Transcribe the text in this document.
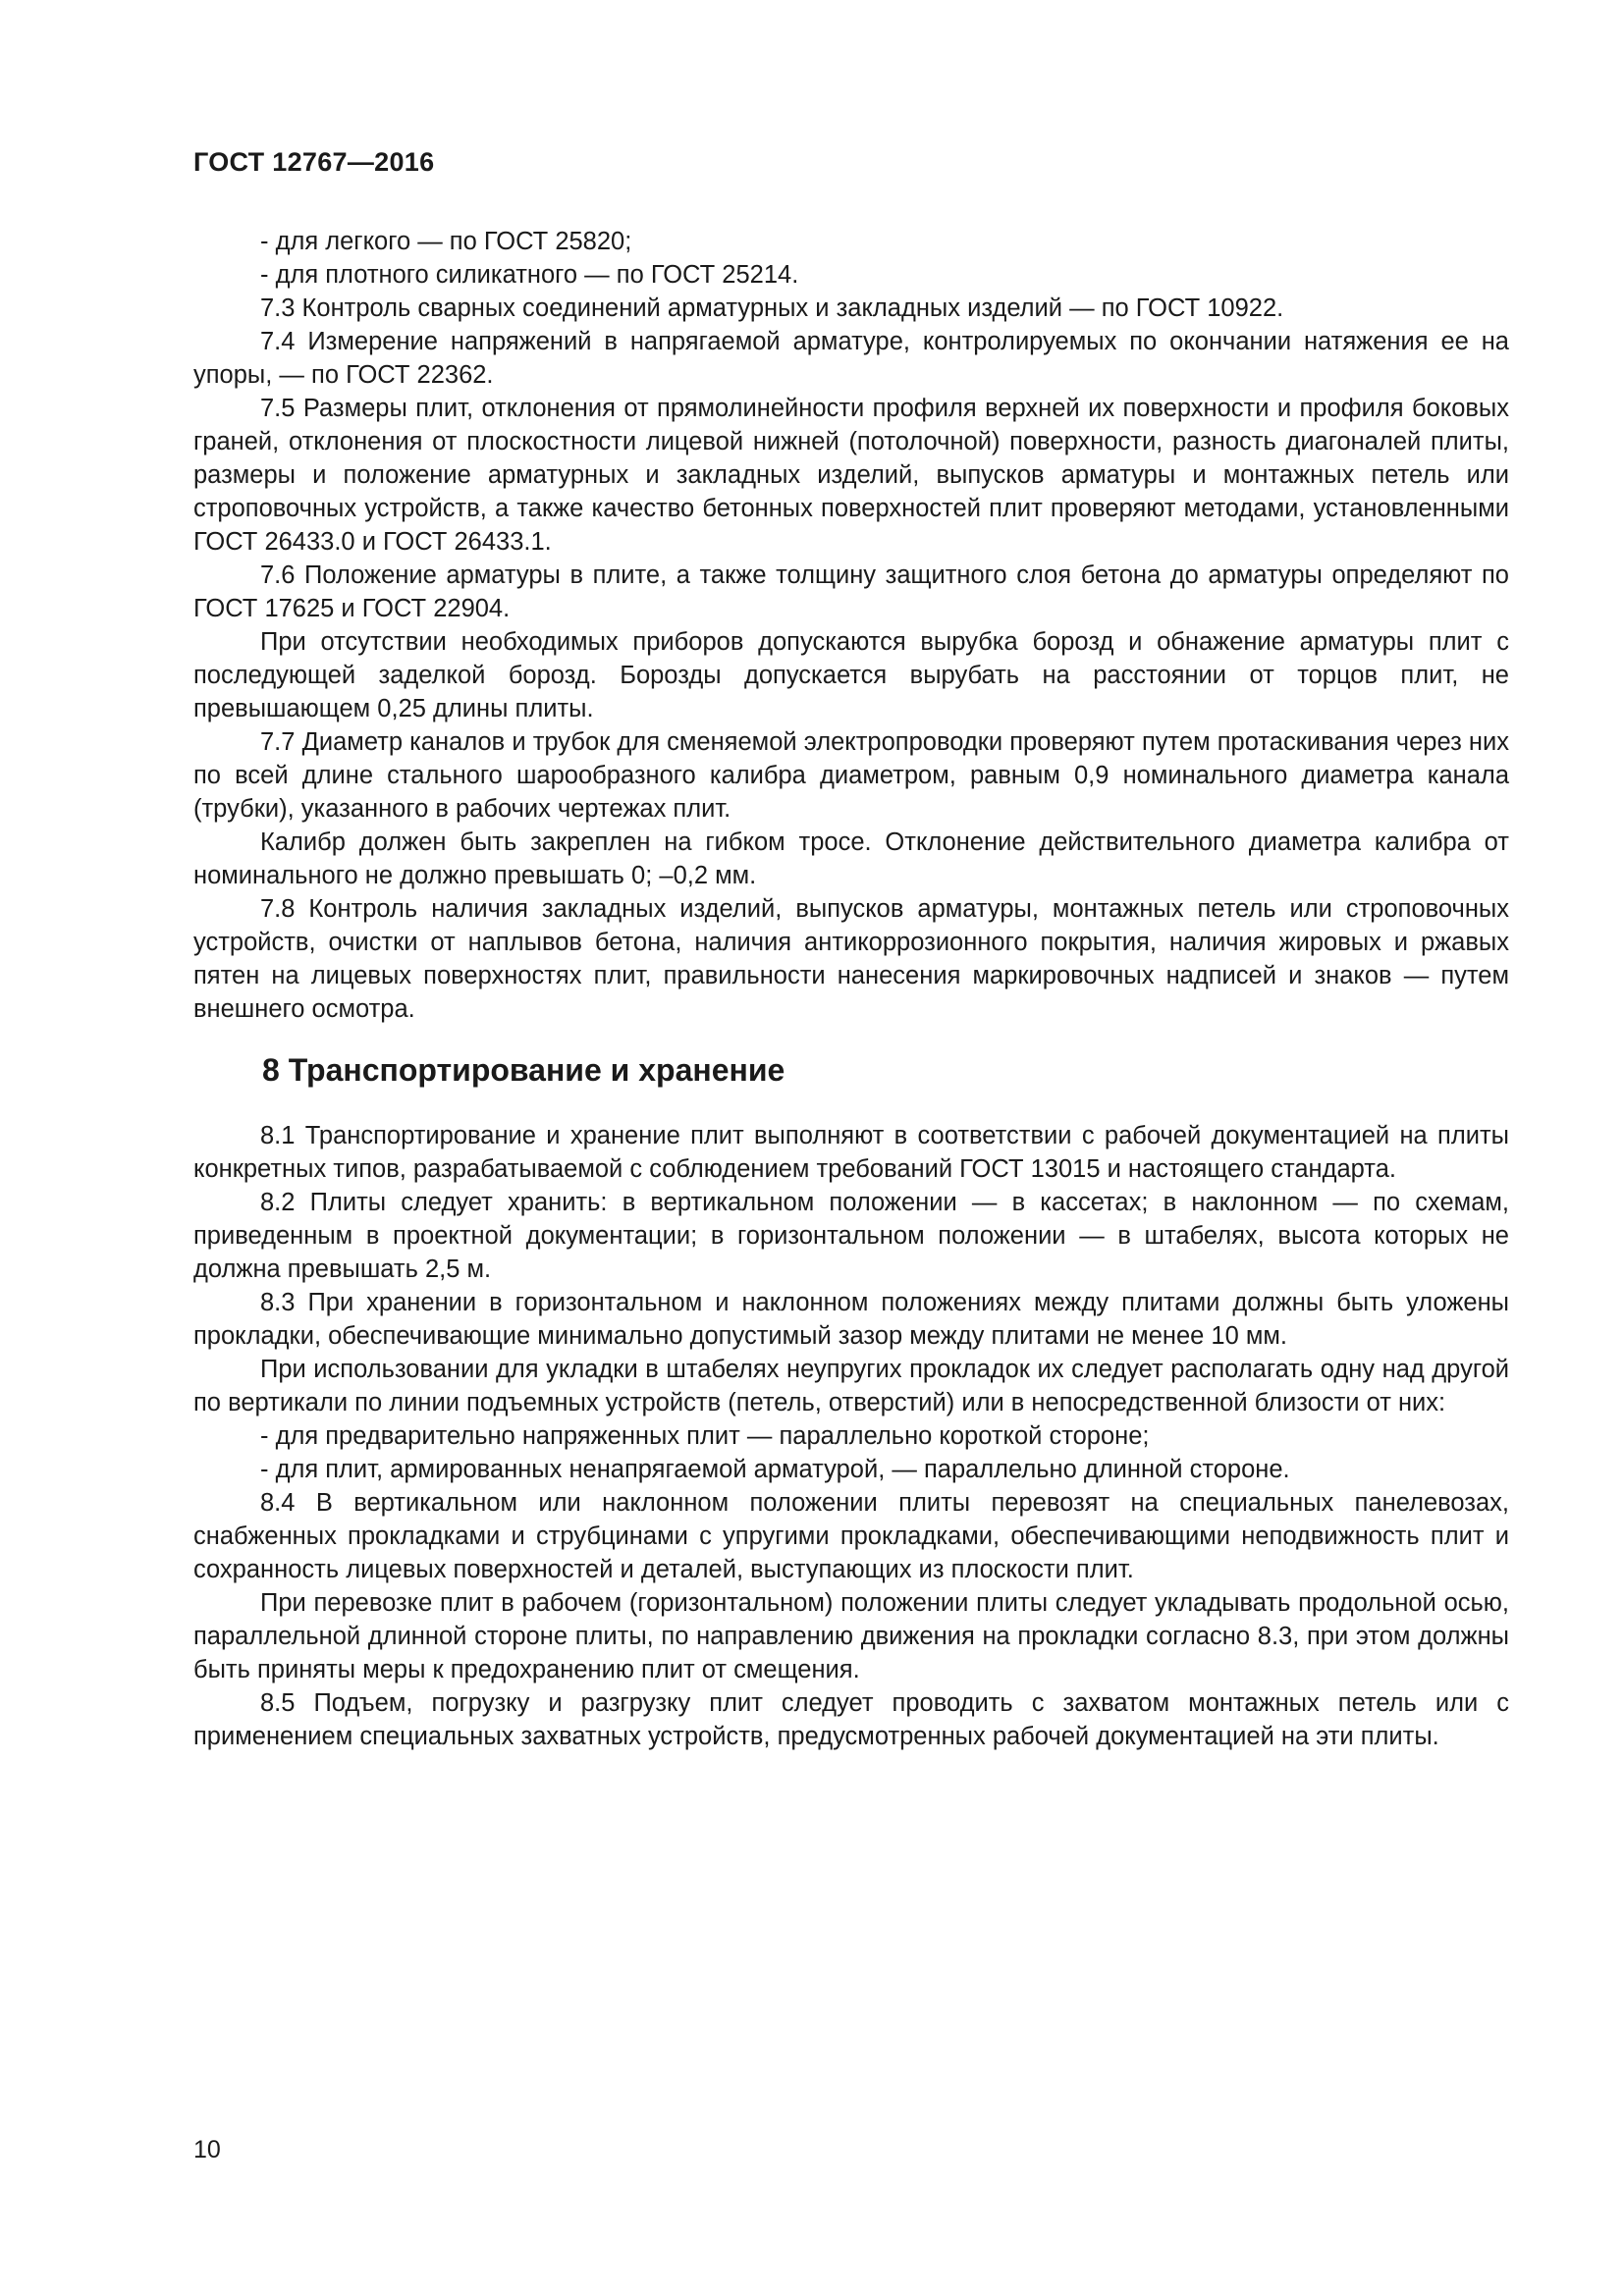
ГОСТ 12767—2016

- для легкого — по ГОСТ 25820;

- для плотного силикатного — по ГОСТ 25214.

7.3 Контроль сварных соединений арматурных и закладных изделий — по ГОСТ 10922.

7.4 Измерение напряжений в напрягаемой арматуре, контролируемых по окончании натяжения ее на упоры, — по ГОСТ 22362.

7.5 Размеры плит, отклонения от прямолинейности профиля верхней их поверхности и профиля боковых граней, отклонения от плоскостности лицевой нижней (потолочной) поверхности, разность диагоналей плиты, размеры и положение арматурных и закладных изделий, выпусков арматуры и монтажных петель или строповочных устройств, а также качество бетонных поверхностей плит проверяют методами, установленными ГОСТ 26433.0 и ГОСТ 26433.1.

7.6 Положение арматуры в плите, а также толщину защитного слоя бетона до арматуры определяют по ГОСТ 17625 и ГОСТ 22904.

При отсутствии необходимых приборов допускаются вырубка борозд и обнажение арматуры плит с последующей заделкой борозд. Борозды допускается вырубать на расстоянии от торцов плит, не превышающем 0,25 длины плиты.

7.7 Диаметр каналов и трубок для сменяемой электропроводки проверяют путем протаскивания через них по всей длине стального шарообразного калибра диаметром, равным 0,9 номинального диаметра канала (трубки), указанного в рабочих чертежах плит.

Калибр должен быть закреплен на гибком тросе. Отклонение действительного диаметра калибра от номинального не должно превышать 0; –0,2 мм.

7.8 Контроль наличия закладных изделий, выпусков арматуры, монтажных петель или строповочных устройств, очистки от наплывов бетона, наличия антикоррозионного покрытия, наличия жировых и ржавых пятен на лицевых поверхностях плит, правильности нанесения маркировочных надписей и знаков — путем внешнего осмотра.

8 Транспортирование и хранение

8.1 Транспортирование и хранение плит выполняют в соответствии с рабочей документацией на плиты конкретных типов, разрабатываемой с соблюдением требований ГОСТ 13015 и настоящего стандарта.

8.2 Плиты следует хранить: в вертикальном положении — в кассетах; в наклонном — по схемам, приведенным в проектной документации; в горизонтальном положении — в штабелях, высота которых не должна превышать 2,5 м.

8.3 При хранении в горизонтальном и наклонном положениях между плитами должны быть уложены прокладки, обеспечивающие минимально допустимый зазор между плитами не менее 10 мм.

При использовании для укладки в штабелях неупругих прокладок их следует располагать одну над другой по вертикали по линии подъемных устройств (петель, отверстий) или в непосредственной близости от них:

- для предварительно напряженных плит — параллельно короткой стороне;

- для плит, армированных ненапрягаемой арматурой, — параллельно длинной стороне.

8.4 В вертикальном или наклонном положении плиты перевозят на специальных панелевозах, снабженных прокладками и струбцинами с упругими прокладками, обеспечивающими неподвижность плит и сохранность лицевых поверхностей и деталей, выступающих из плоскости плит.

При перевозке плит в рабочем (горизонтальном) положении плиты следует укладывать продольной осью, параллельной длинной стороне плиты, по направлению движения на прокладки согласно 8.3, при этом должны быть приняты меры к предохранению плит от смещения.

8.5 Подъем, погрузку и разгрузку плит следует проводить с захватом монтажных петель или с применением специальных захватных устройств, предусмотренных рабочей документацией на эти плиты.

10
